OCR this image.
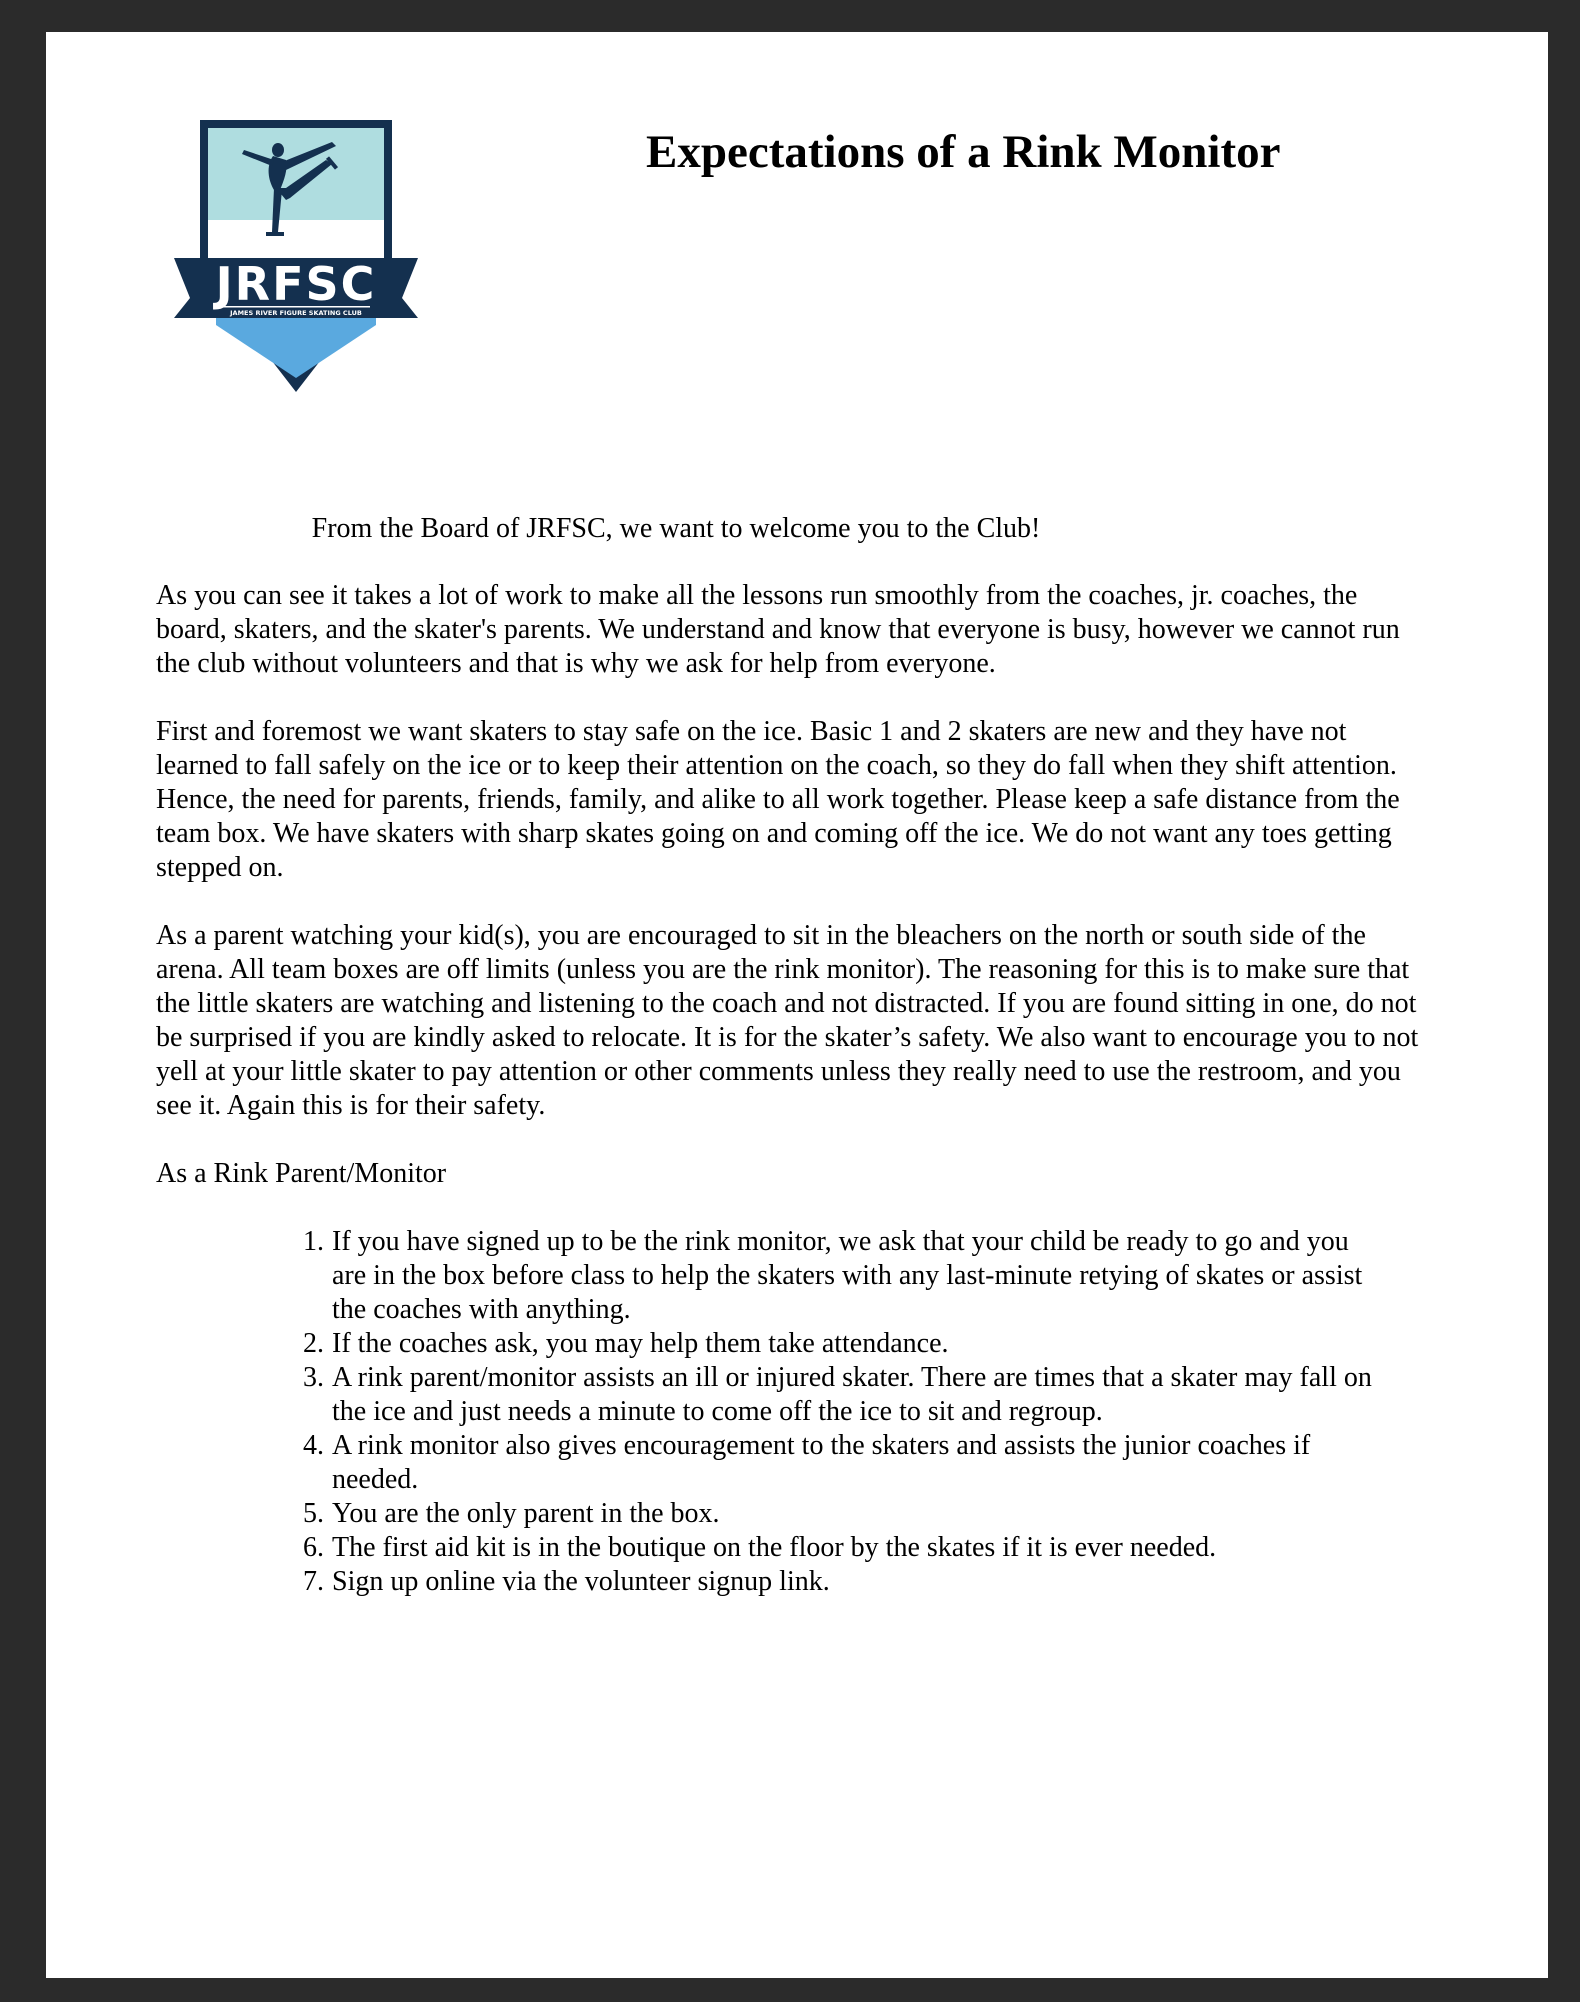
JRFSC
JAMES RIVER FIGURE SKATING CLUB
Expectations of a Rink Monitor

From the Board of JRFSC, we want to welcome you to the Club!

As you can see it takes a lot of work to make all the lessons run smoothly from the coaches, jr. coaches, the board, skaters, and the skater's parents. We understand and know that everyone is busy, however we cannot run the club without volunteers and that is why we ask for help from everyone.

First and foremost we want skaters to stay safe on the ice. Basic 1 and 2 skaters are new and they have not learned to fall safely on the ice or to keep their attention on the coach, so they do fall when they shift attention. Hence, the need for parents, friends, family, and alike to all work together. Please keep a safe distance from the team box. We have skaters with sharp skates going on and coming off the ice. We do not want any toes getting stepped on.

As a parent watching your kid(s), you are encouraged to sit in the bleachers on the north or south side of the arena. All team boxes are off limits (unless you are the rink monitor). The reasoning for this is to make sure that the little skaters are watching and listening to the coach and not distracted. If you are found sitting in one, do not be surprised if you are kindly asked to relocate. It is for the skater’s safety. We also want to encourage you to not yell at your little skater to pay attention or other comments unless they really need to use the restroom, and you see it. Again this is for their safety.

As a Rink Parent/Monitor

1. If you have signed up to be the rink monitor, we ask that your child be ready to go and you are in the box before class to help the skaters with any last-minute retying of skates or assist the coaches with anything.
2. If the coaches ask, you may help them take attendance.
3. A rink parent/monitor assists an ill or injured skater. There are times that a skater may fall on the ice and just needs a minute to come off the ice to sit and regroup.
4. A rink monitor also gives encouragement to the skaters and assists the junior coaches if needed.
5. You are the only parent in the box.
6. The first aid kit is in the boutique on the floor by the skates if it is ever needed.
7. Sign up online via the volunteer signup link.
